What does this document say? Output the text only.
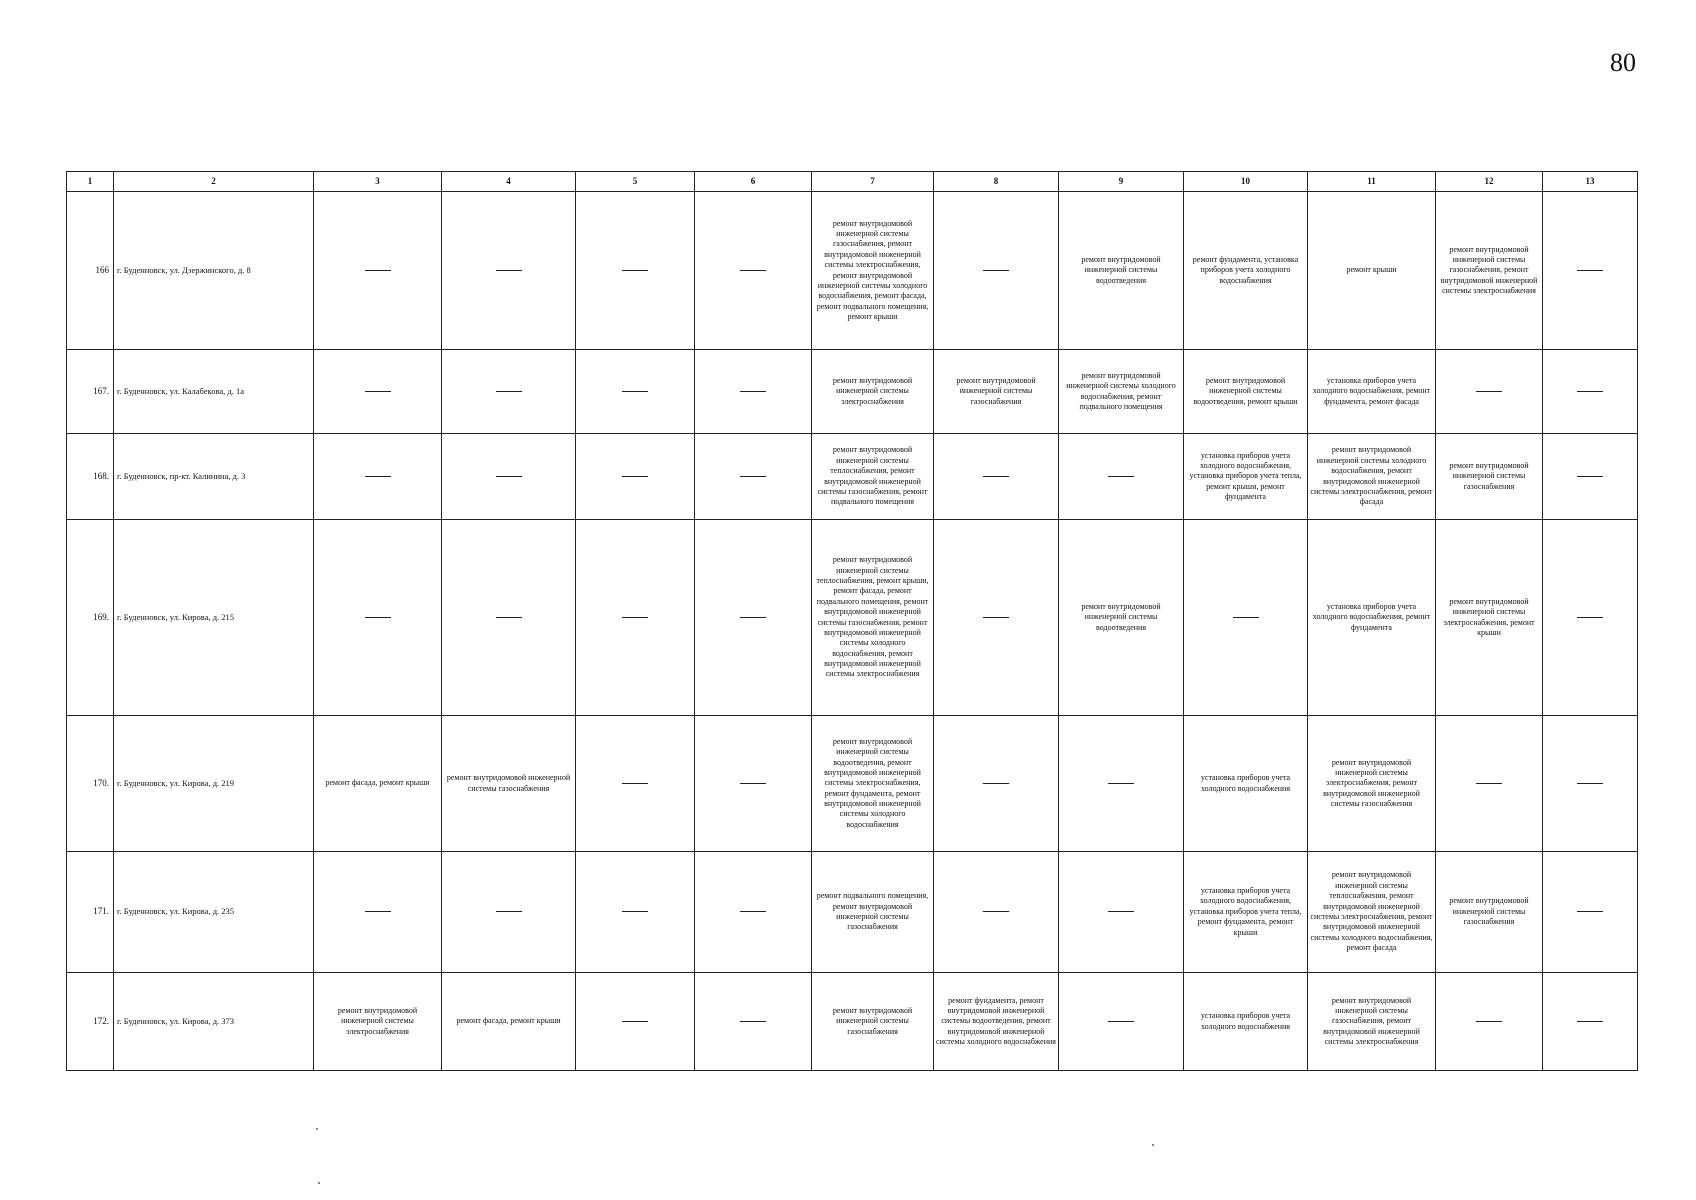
80
1	2	3	4	5	6	7	8	9	10	11	12	13
166	г. Буденновск, ул. Дзержинского, д. 8					ремонт внутридомовой инженерной системы газоснабжения, ремонт внутридомовой инженерной системы электроснабжения, ремонт внутридомовой инженерной системы холодного водоснабжения, ремонт фасада, ремонт подвального помещения, ремонт крыши		ремонт внутридомовой инженерной системы водоотведения	ремонт фундамента, установка приборов учета холодного водоснабжения	ремонт крыши	ремонт внутридомовой инженерной системы газоснабжения, ремонт внутридомовой инженерной системы электроснабжения	
167.	г. Буденновск, ул. Калабекова, д. 1а					ремонт внутридомовой инженерной системы электроснабжения	ремонт внутридомовой инженерной системы газоснабжения	ремонт внутридомовой инженерной системы холодного водоснабжения, ремонт подвального помещения	ремонт внутридомовой инженерной системы водоотведения, ремонт крыши	установка приборов учета холодного водоснабжения, ремонт фундамента, ремонт фасада		
168.	г. Буденновск, пр-кт. Калинина, д. 3					ремонт внутридомовой инженерной системы теплоснабжения, ремонт внутридомовой инженерной системы газоснабжения, ремонт подвального помещения			установка приборов учета холодного водоснабжения, установка приборов учета тепла, ремонт крыши, ремонт фундамента	ремонт внутридомовой инженерной системы холодного водоснабжения, ремонт внутридомовой инженерной системы электроснабжения, ремонт фасада	ремонт внутридомовой инженерной системы газоснабжения	
169.	г. Буденновск, ул. Кирова, д. 215					ремонт внутридомовой инженерной системы теплоснабжения, ремонт крыши, ремонт фасада, ремонт подвального помещения, ремонт внутридомовой инженерной системы газоснабжения, ремонт внутридомовой инженерной системы холодного водоснабжения, ремонт внутридомовой инженерной системы электроснабжения		ремонт внутридомовой инженерной системы водоотведения		установка приборов учета холодного водоснабжения, ремонт фундамента	ремонт внутридомовой инженерной системы электроснабжения, ремонт крыши	
170.	г. Буденновск, ул. Кирова, д. 219	ремонт фасада, ремонт крыши	ремонт внутридомовой инженерной системы газоснабжения			ремонт внутридомовой инженерной системы водоотведения, ремонт внутридомовой инженерной системы электроснабжения, ремонт фундамента, ремонт внутридомовой инженерной системы холодного водоснабжения			установка приборов учета холодного водоснабжения	ремонт внутридомовой инженерной системы электроснабжения, ремонт внутридомовой инженерной системы газоснабжения		
171.	г. Буденновск, ул. Кирова, д. 235					ремонт подвального помещения, ремонт внутридомовой инженерной системы газоснабжения			установка приборов учета холодного водоснабжения, установка приборов учета тепла, ремонт фундамента, ремонт крыши	ремонт внутридомовой инженерной системы теплоснабжения, ремонт внутридомовой инженерной системы электроснабжения, ремонт внутридомовой инженерной системы холодного водоснабжения, ремонт фасада	ремонт внутридомовой инженерной системы газоснабжения	
172.	г. Буденновск, ул. Кирова, д. 373	ремонт внутридомовой инженерной системы электроснабжения	ремонт фасада, ремонт крыши			ремонт внутридомовой инженерной системы газоснабжения	ремонт фундамента, ремонт внутридомовой инженерной системы водоотведения, ремонт внутридомовой инженерной системы холодного водоснабжения		установка приборов учета холодного водоснабжения	ремонт внутридомовой инженерной системы газоснабжения, ремонт внутридомовой инженерной системы электроснабжения		
